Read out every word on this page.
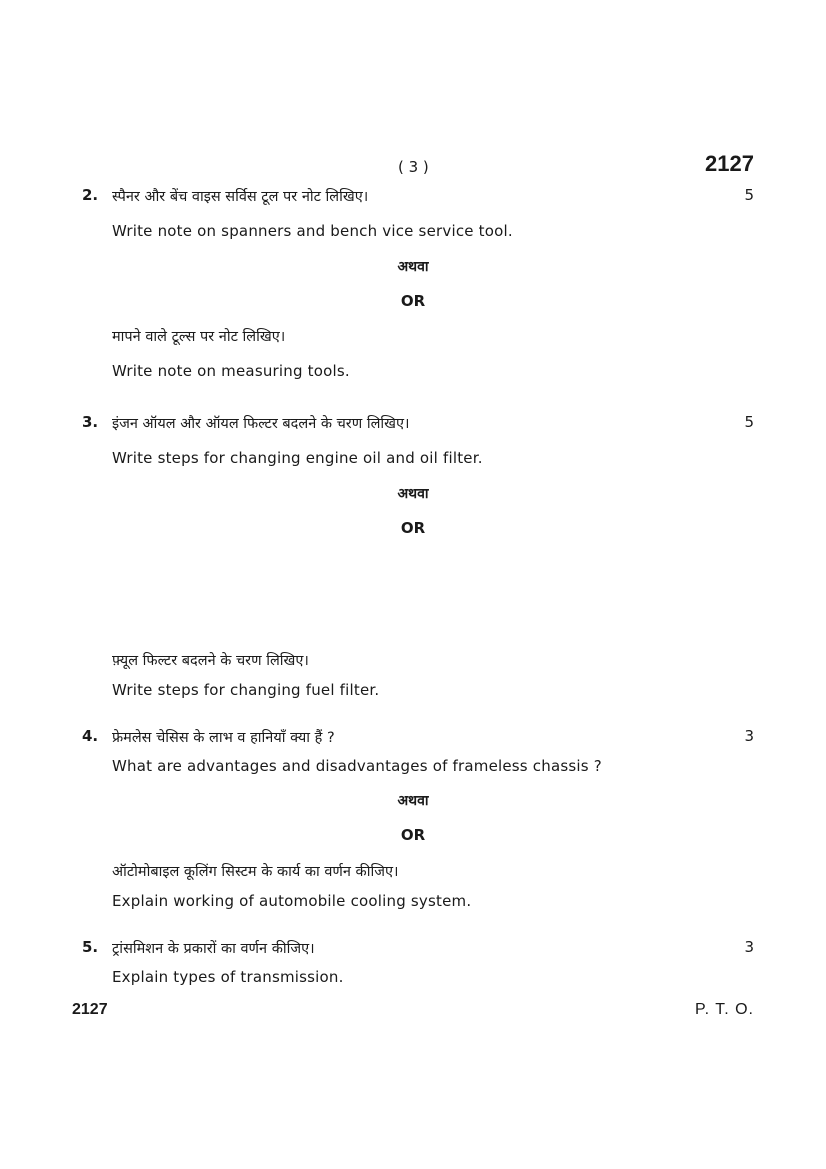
( 3 )	2127
2. स्पैनर और बेंच वाइस सर्विस टूल पर नोट लिखिए।	5
Write note on spanners and bench vice service tool.
अथवा
OR
मापने वाले टूल्स पर नोट लिखिए।
Write note on measuring tools.
3. इंजन ऑयल और ऑयल फिल्टर बदलने के चरण लिखिए।	5
Write steps for changing engine oil and oil filter.
अथवा
OR
फ़्यूल फिल्टर बदलने के चरण लिखिए।
Write steps for changing fuel filter.
4. फ्रेमलेस चेसिस के लाभ व हानियाँ क्या हैं ?	3
What are advantages and disadvantages of frameless chassis ?
अथवा
OR
ऑटोमोबाइल कूलिंग सिस्टम के कार्य का वर्णन कीजिए।
Explain working of automobile cooling system.
5. ट्रांसमिशन के प्रकारों का वर्णन कीजिए।	3
Explain types of transmission.
2127	P. T. O.
